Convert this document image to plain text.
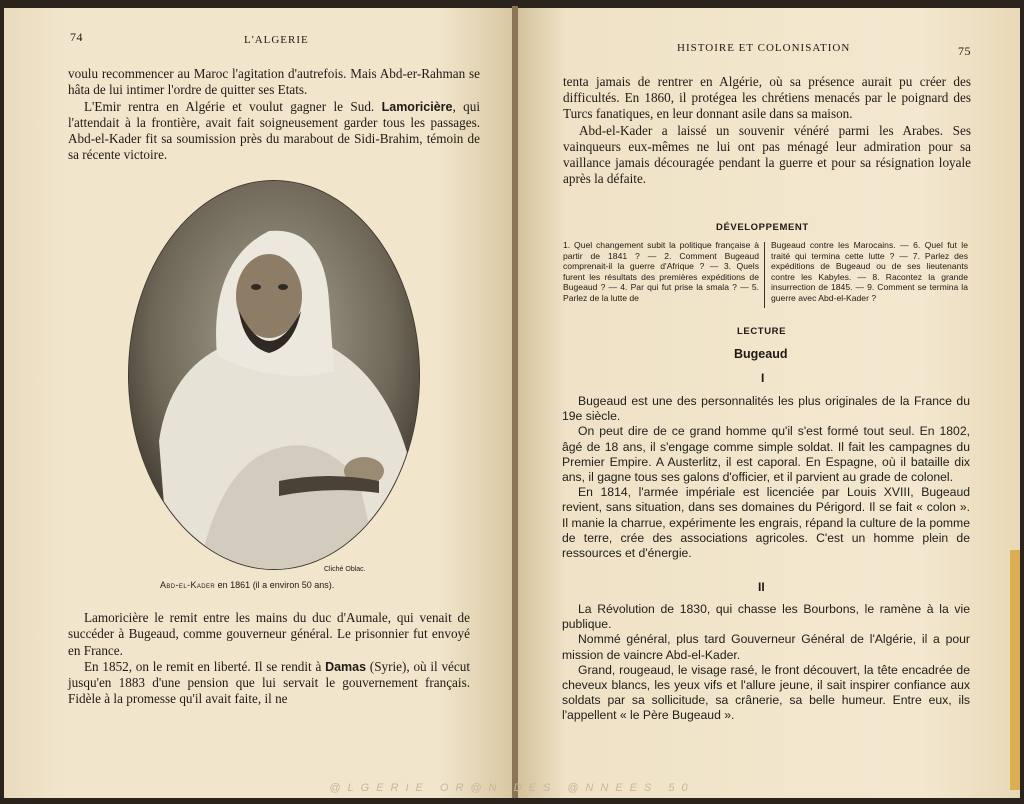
74	L'ALGERIE

voulu recommencer au Maroc l'agitation d'autrefois. Mais Abd-er-Rahman se hâta de lui intimer l'ordre de quitter ses Etats.

L'Emir rentra en Algérie et voulut gagner le Sud. Lamoricière, qui l'attendait à la frontière, avait fait soigneusement garder tous les passages. Abd-el-Kader fit sa soumission près du marabout de Sidi-Brahim, témoin de sa récente victoire.

Cliché Oblac.
Abd-el-Kader en 1861 (il a environ 50 ans).

Lamoricière le remit entre les mains du duc d'Aumale, qui venait de succéder à Bugeaud, comme gouverneur général. Le prisonnier fut envoyé en France.

En 1852, on le remit en liberté. Il se rendit à Damas (Syrie), où il vécut jusqu'en 1883 d'une pension que lui servait le gouvernement français. Fidèle à la promesse qu'il avait faite, il ne

HISTOIRE ET COLONISATION	75

tenta jamais de rentrer en Algérie, où sa présence aurait pu créer des difficultés. En 1860, il protégea les chrétiens menacés par le poignard des Turcs fanatiques, en leur donnant asile dans sa maison.

Abd-el-Kader a laissé un souvenir vénéré parmi les Arabes. Ses vainqueurs eux-mêmes ne lui ont pas ménagé leur admiration pour sa vaillance jamais découragée pendant la guerre et pour sa résignation loyale après la défaite.

DÉVELOPPEMENT
1. Quel changement subit la politique française à partir de 1841 ? — 2. Comment Bugeaud comprenait-il la guerre d'Afrique ? — 3. Quels furent les résultats des premières expéditions de Bugeaud ? — 4. Par qui fut prise la smala ? — 5. Parlez de la lutte de
Bugeaud contre les Marocains. — 6. Quel fut le traité qui termina cette lutte ? — 7. Parlez des expéditions de Bugeaud ou de ses lieutenants contre les Kabyles. — 8. Racontez la grande insurrection de 1845. — 9. Comment se termina la guerre avec Abd-el-Kader ?
LECTURE
Bugeaud
I

Bugeaud est une des personnalités les plus originales de la France du 19e siècle.

On peut dire de ce grand homme qu'il s'est formé tout seul. En 1802, âgé de 18 ans, il s'engage comme simple soldat. Il fait les campagnes du Premier Empire. A Austerlitz, il est caporal. En Espagne, où il bataille dix ans, il gagne tous ses galons d'officier, et il parvient au grade de colonel.

En 1814, l'armée impériale est licenciée par Louis XVIII, Bugeaud revient, sans situation, dans ses domaines du Périgord. Il se fait « colon ». Il manie la charrue, expérimente les engrais, répand la culture de la pomme de terre, crée des associations agricoles. C'est un homme plein de ressources et d'énergie.

II

La Révolution de 1830, qui chasse les Bourbons, le ramène à la vie publique.

Nommé général, plus tard Gouverneur Général de l'Algérie, il a pour mission de vaincre Abd-el-Kader.

Grand, rougeaud, le visage rasé, le front découvert, la tête encadrée de cheveux blancs, les yeux vifs et l'allure jeune, il sait inspirer confiance aux soldats par sa sollicitude, sa crânerie, sa belle humeur. Entre eux, ils l'appellent « le Père Bugeaud ».

@LGERIE OR@N DES @NNEES 50
